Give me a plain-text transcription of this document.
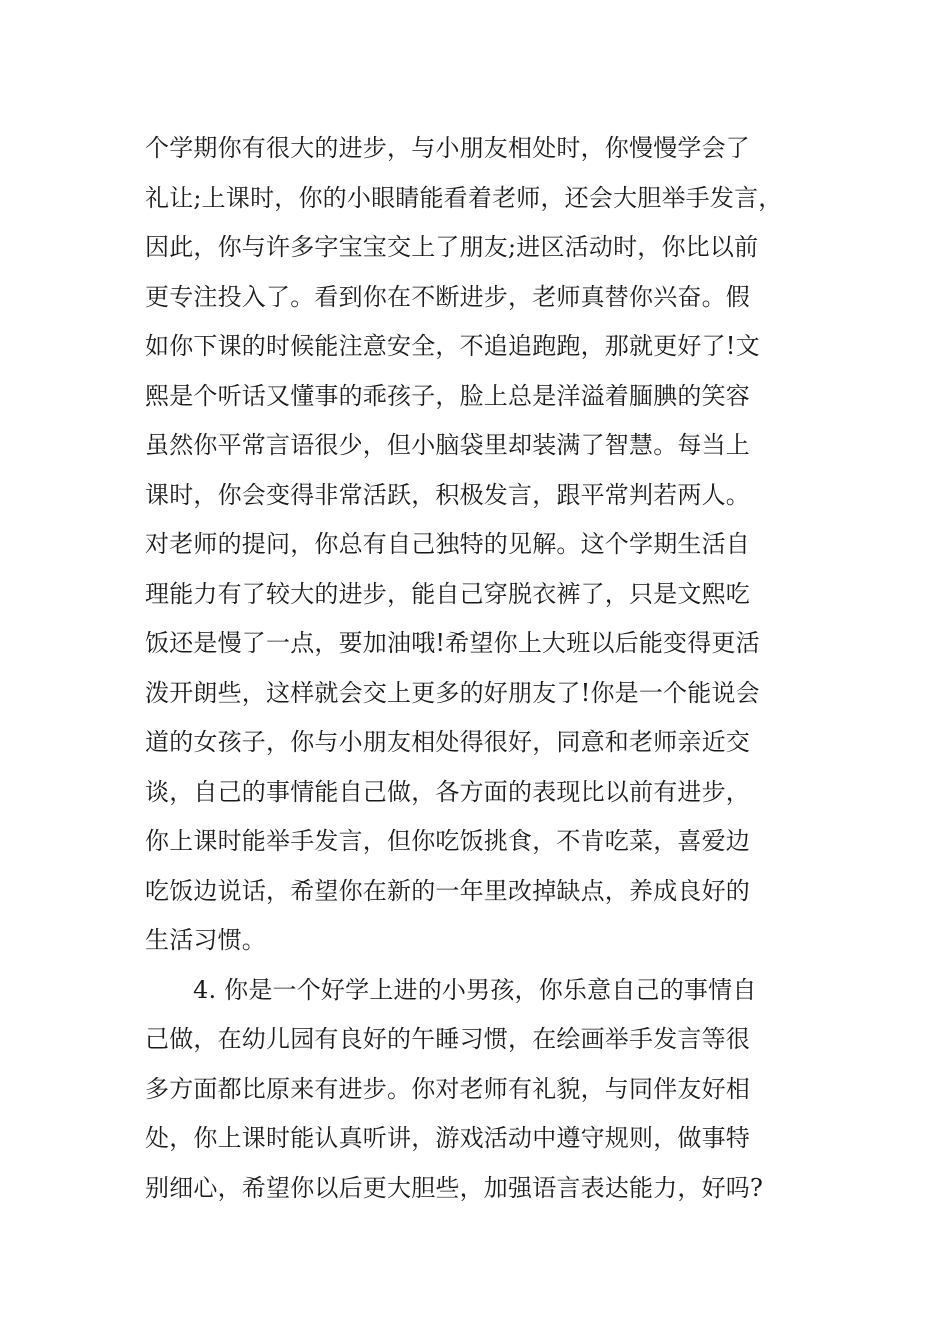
个学期你有很大的进步，与小朋友相处时，你慢慢学会了
礼让;上课时，你的小眼睛能看着老师，还会大胆举手发言，
因此，你与许多字宝宝交上了朋友;进区活动时，你比以前
更专注投入了。看到你在不断进步，老师真替你兴奋。假
如你下课的时候能注意安全，不追追跑跑，那就更好了!文
熙是个听话又懂事的乖孩子，脸上总是洋溢着腼腆的笑容
虽然你平常言语很少，但小脑袋里却装满了智慧。每当上
课时，你会变得非常活跃，积极发言，跟平常判若两人。
对老师的提问，你总有自己独特的见解。这个学期生活自
理能力有了较大的进步，能自己穿脱衣裤了，只是文熙吃
饭还是慢了一点，要加油哦!希望你上大班以后能变得更活
泼开朗些，这样就会交上更多的好朋友了!你是一个能说会
道的女孩子，你与小朋友相处得很好，同意和老师亲近交
谈，自己的事情能自己做，各方面的表现比以前有进步，
你上课时能举手发言，但你吃饭挑食，不肯吃菜，喜爱边
吃饭边说话，希望你在新的一年里改掉缺点，养成良好的
生活习惯。
4. 你是一个好学上进的小男孩，你乐意自己的事情自
己做，在幼儿园有良好的午睡习惯，在绘画举手发言等很
多方面都比原来有进步。你对老师有礼貌，与同伴友好相
处，你上课时能认真听讲，游戏活动中遵守规则，做事特
别细心，希望你以后更大胆些，加强语言表达能力，好吗?
